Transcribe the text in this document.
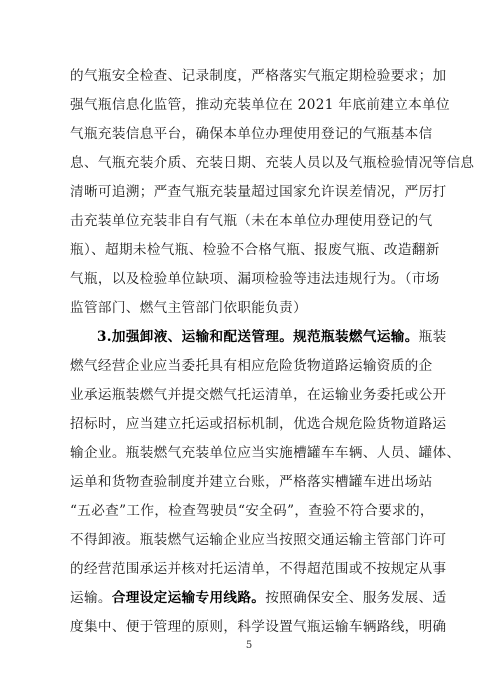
的气瓶安全检查、记录制度，严格落实气瓶定期检验要求；加
强气瓶信息化监管，推动充装单位在 2021 年底前建立本单位
气瓶充装信息平台，确保本单位办理使用登记的气瓶基本信
息、气瓶充装介质、充装日期、充装人员以及气瓶检验情况等信息
清晰可追溯；严查气瓶充装量超过国家允许误差情况，严厉打
击充装单位充装非自有气瓶（未在本单位办理使用登记的气
瓶）、超期未检气瓶、检验不合格气瓶、报废气瓶、改造翻新
气瓶，以及检验单位缺项、漏项检验等违法违规行为。（市场
监管部门、燃气主管部门依职能负责）
3.加强卸液、运输和配送管理。规范瓶装燃气运输。瓶装
燃气经营企业应当委托具有相应危险货物道路运输资质的企
业承运瓶装燃气并提交燃气托运清单，在运输业务委托或公开
招标时，应当建立托运或招标机制，优选合规危险货物道路运
输企业。瓶装燃气充装单位应当实施槽罐车车辆、人员、罐体、
运单和货物查验制度并建立台账，严格落实槽罐车进出场站
“五必查”工作，检查驾驶员“安全码”，查验不符合要求的，
不得卸液。瓶装燃气运输企业应当按照交通运输主管部门许可
的经营范围承运并核对托运清单，不得超范围或不按规定从事
运输。合理设定运输专用线路。按照确保安全、服务发展、适
度集中、便于管理的原则，科学设置气瓶运输车辆路线，明确
5
